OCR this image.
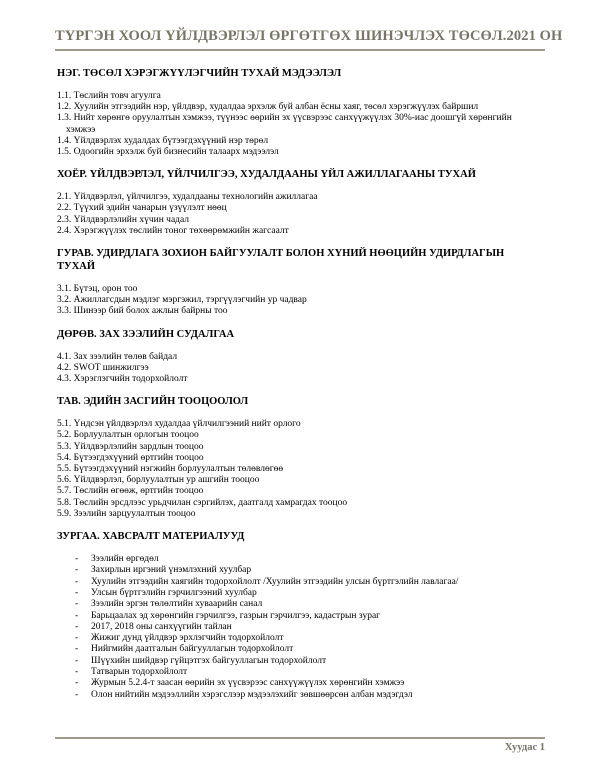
ТҮРГЭН ХООЛ ҮЙЛДВЭРЛЭЛ ӨРГӨТГӨХ ШИНЭЧЛЭХ ТӨСӨЛ. 2021 ОН
НЭГ. ТӨСӨЛ ХЭРЭГЖҮҮЛЭГЧИЙН ТУХАЙ МЭДЭЭЛЭЛ
1.1. Төслийн товч агуулга
1.2. Хуулийн этгээдийн нэр, үйлдвэр, худалдаа эрхэлж буй албан ёсны хаяг, төсөл хэрэгжүүлэх байршил
1.3. Нийт хөрөнгө оруулалтын хэмжээ, түүнээс өөрийн эх үүсвэрээс санхүүжүүлэх 30%-иас доошгүй хөрөнгийн хэмжээ
1.4. Үйлдвэрлэх худалдах бүтээгдэхүүний нэр төрөл
1.5. Одоогийн эрхэлж буй бизнесийн талаарх мэдээлэл
ХОЁР. ҮЙЛДВЭРЛЭЛ, ҮЙЛЧИЛГЭЭ, ХУДАЛДААНЫ ҮЙЛ АЖИЛЛАГААНЫ ТУХАЙ
2.1. Үйлдвэрлэл, үйлчилгээ, худалдааны технологийн ажиллагаа
2.2. Түүхий эдийн чанарын үзүүлэлт нөөц
2.3. Үйлдвэрлэлийн хүчин чадал
2.4. Хэрэгжүүлэх төслийн тоног төхөөрөмжийн жагсаалт
ГУРАВ. УДИРДЛАГА ЗОХИОН БАЙГУУЛАЛТ БОЛОН ХҮНИЙ НӨӨЦИЙН УДИРДЛАГЫН ТУХАЙ
3.1. Бүтэц, орон тоо
3.2. Ажиллагсдын мэдлэг мэргэжил, тэргүүлэгчийн ур чадвар
3.3. Шинээр бий болох ажлын байрны тоо
ДӨРӨВ. ЗАХ ЗЭЭЛИЙН СУДАЛГАА
4.1. Зах зээлийн төлөв байдал
4.2. SWOT шинжилгээ
4.3. Хэрэглэгчийн тодорхойлолт
ТАВ. ЭДИЙН ЗАСГИЙН ТООЦООЛОЛ
5.1. Үндсэн үйлдвэрлэл худалдаа үйлчилгээний нийт орлого
5.2. Борлуулалтын орлогын тооцоо
5.3. Үйлдвэрлэлийн зардлын тооцоо
5.4. Бүтээгдэхүүний өртгийн тооцоо
5.5. Бүтээгдэхүүний нэгжийн борлуулалтын төлөвлөгөө
5.6. Үйлдвэрлэл, борлуулалтын ур ашгийн тооцоо
5.7. Төслийн өгөөж, өртгийн тооцоо
5.8. Төслийн эрсдлээс урьдчилан сэргийлэх, даатгалд хамрагдах тооцоо
5.9. Зээлийн зарцуулалтын тооцоо
ЗУРГАА. ХАВСРАЛТ МАТЕРИАЛУУД
-	Зээлийн өргөдөл
-	Захирлын иргэний үнэмлэхний хуулбар
-	Хуулийн этгээдийн хаягийн тодорхойлолт /Хуулийн этгээдийн улсын бүртгэлийн лавлагаа/
-	Улсын бүртгэлийн гэрчилгээний хуулбар
-	Зээлийн эргэн төлөлтийн хуваарийн санал
-	Барьцаалах эд хөрөнгийн гэрчилгээ, газрын гэрчилгээ, кадастрын зураг
-	2017, 2018 оны санхүүгийн тайлан
-	Жижиг дунд үйлдвэр эрхлэгчийн тодорхойлолт
-	Нийгмийн даатгалын байгууллагын тодорхойлолт
-	Шүүхийн шийдвэр гүйцэтгэх байгууллагын тодорхойлолт
-	Татварын тодорхойлолт
-	Журмын 5.2.4-т заасан өөрийн эх үүсвэрээс санхүүжүүлэх хөрөнгийн хэмжээ
-	Олон нийтийн мэдээллийн хэрэгслээр мэдээлэхийг зөвшөөрсөн албан мэдэгдэл
Хуудас 1
